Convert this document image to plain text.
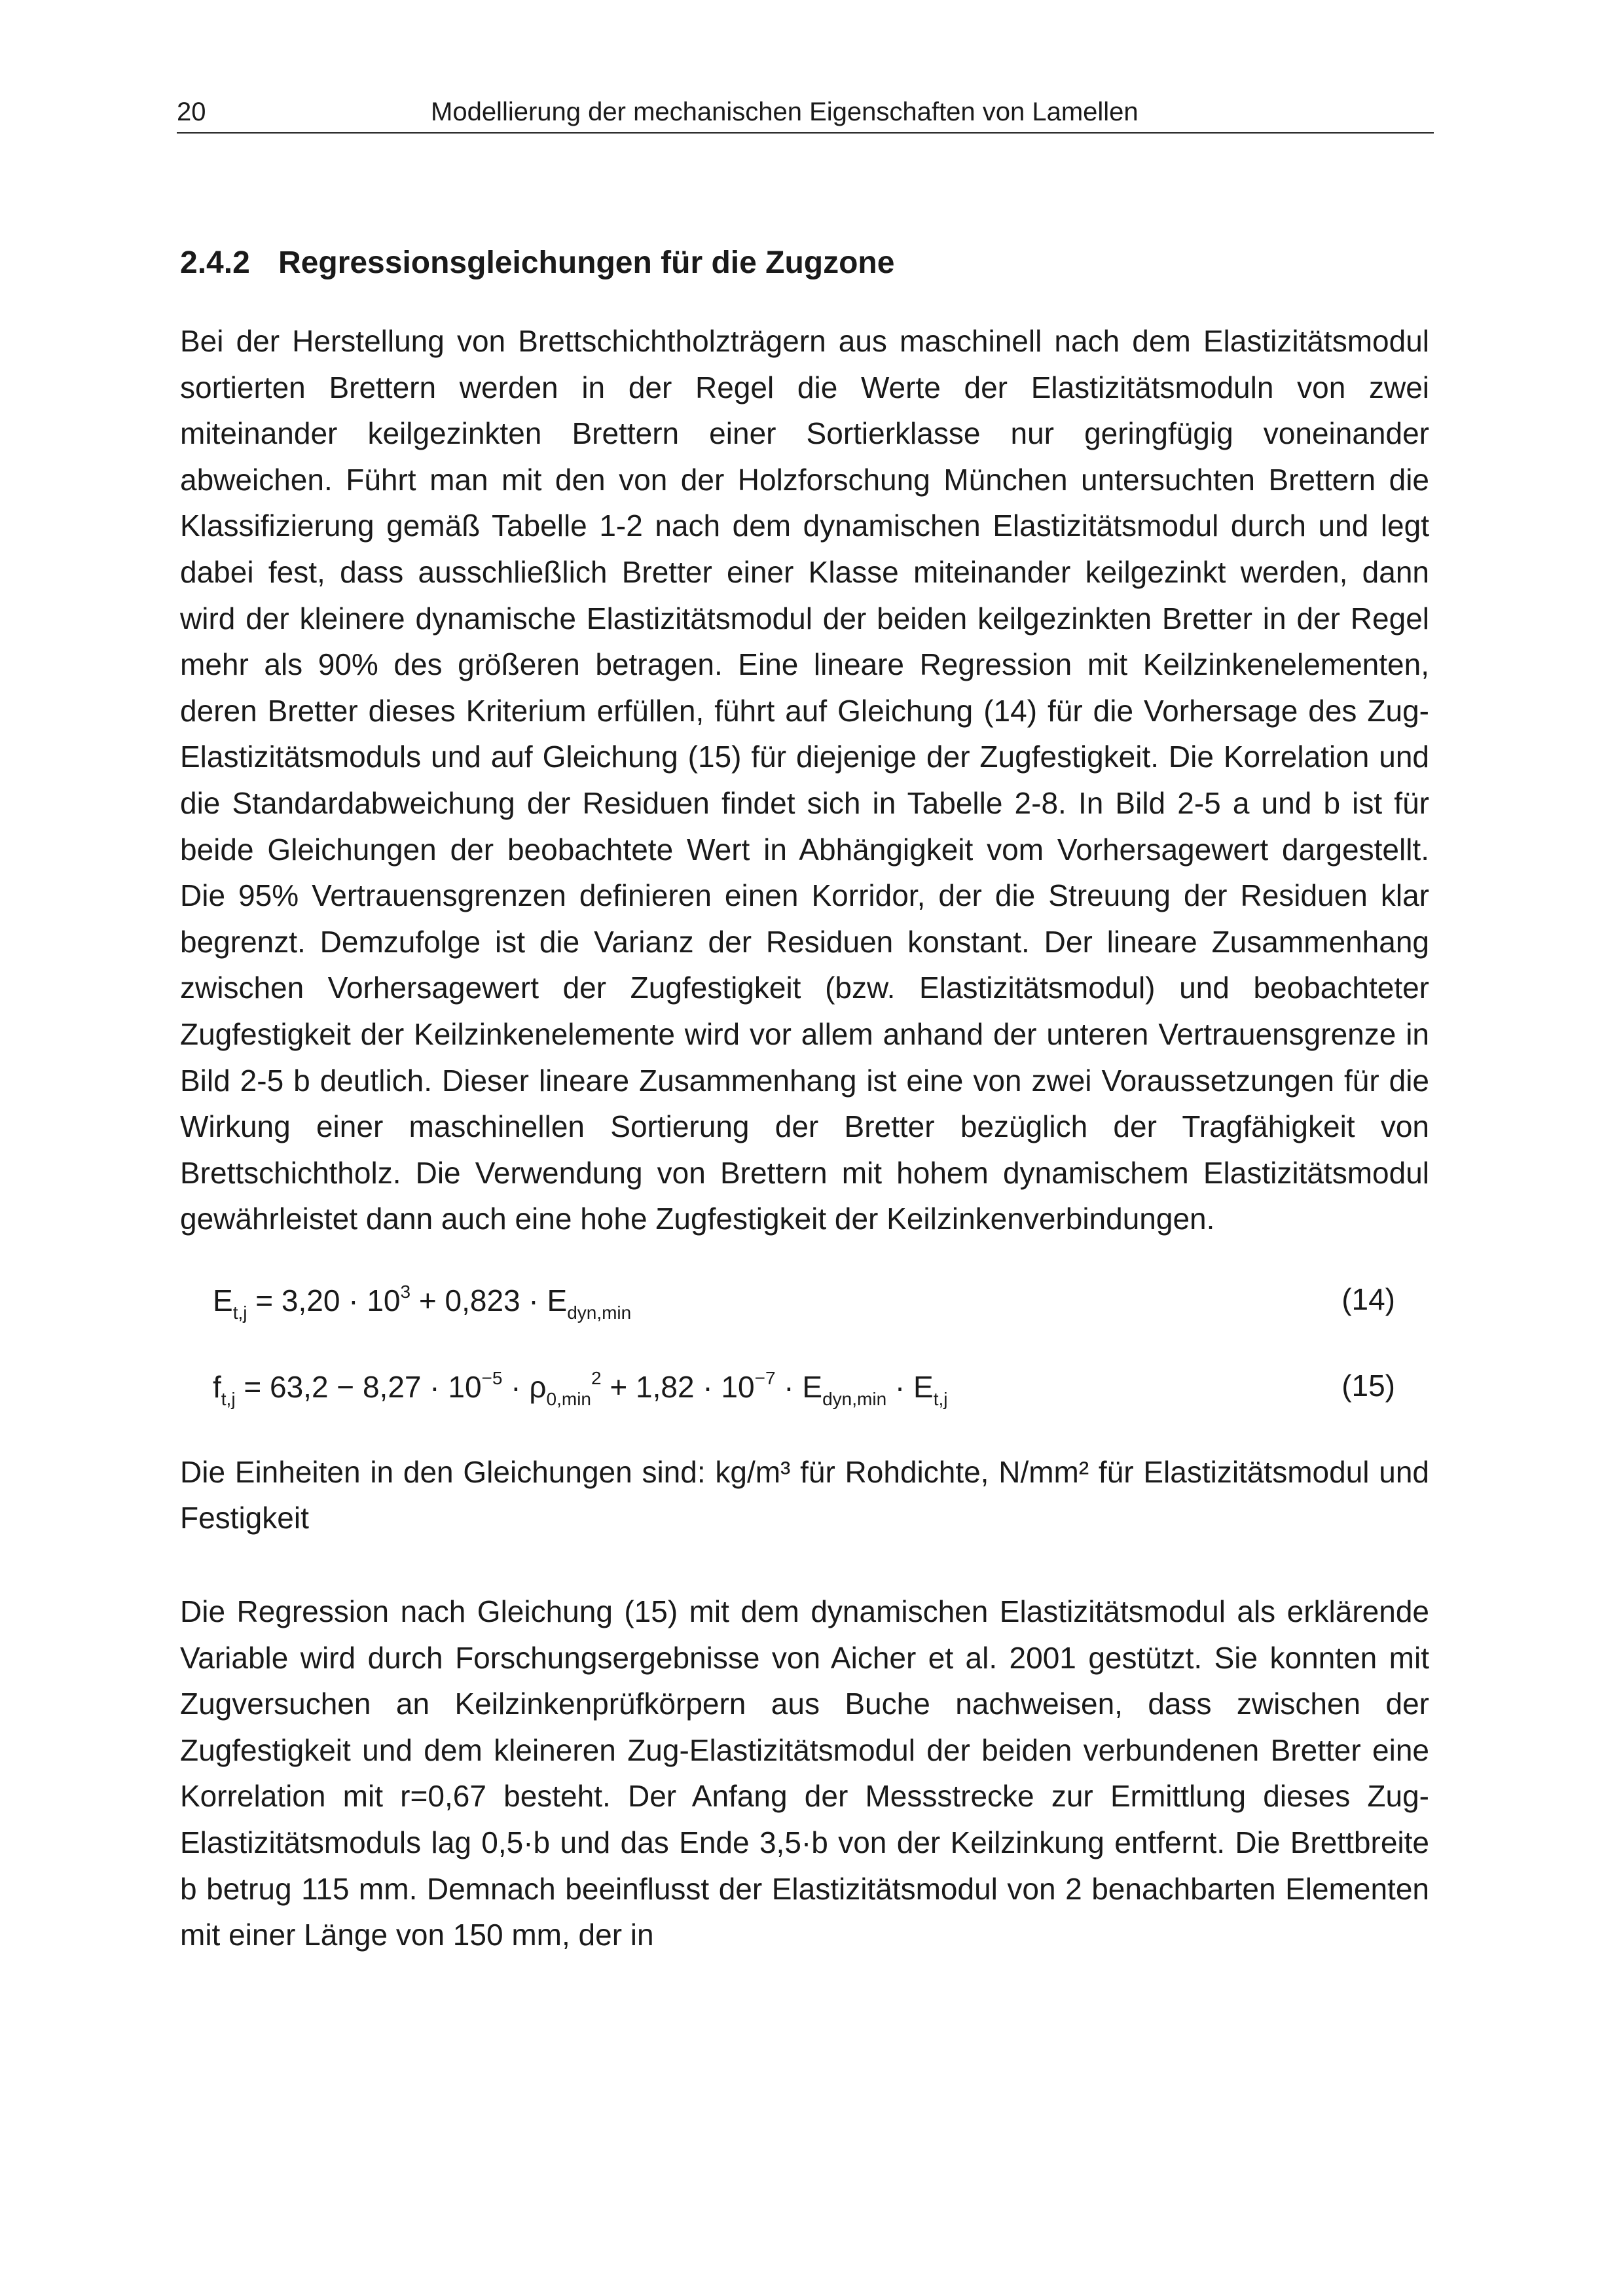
20	Modellierung der mechanischen Eigenschaften von Lamellen
2.4.2 Regressionsgleichungen für die Zugzone

Bei der Herstellung von Brettschichtholzträgern aus maschinell nach dem Elastizitätsmodul sortierten Brettern werden in der Regel die Werte der Elastizitätsmoduln von zwei miteinander keilgezinkten Brettern einer Sortierklasse nur geringfügig voneinander abweichen. Führt man mit den von der Holzforschung München untersuchten Brettern die Klassifizierung gemäß Tabelle 1-2 nach dem dynamischen Elastizitätsmodul durch und legt dabei fest, dass ausschließlich Bretter einer Klasse miteinander keilgezinkt werden, dann wird der kleinere dynamische Elastizitätsmodul der beiden keilgezinkten Bretter in der Regel mehr als 90% des größeren betragen. Eine lineare Regression mit Keilzinkenelementen, deren Bretter dieses Kriterium erfüllen, führt auf Gleichung (14) für die Vorhersage des Zug-Elastizitätsmoduls und auf Gleichung (15) für diejenige der Zugfestigkeit. Die Korrelation und die Standardabweichung der Residuen findet sich in Tabelle 2-8. In Bild 2-5 a und b ist für beide Gleichungen der beobachtete Wert in Abhängigkeit vom Vorhersagewert dargestellt. Die 95% Vertrauensgrenzen definieren einen Korridor, der die Streuung der Residuen klar begrenzt. Demzufolge ist die Varianz der Residuen konstant. Der lineare Zusammenhang zwischen Vorhersagewert der Zugfestigkeit (bzw. Elastizitätsmodul) und beobachteter Zugfestigkeit der Keilzinkenelemente wird vor allem anhand der unteren Vertrauensgrenze in Bild 2-5 b deutlich. Dieser lineare Zusammenhang ist eine von zwei Voraussetzungen für die Wirkung einer maschinellen Sortierung der Bretter bezüglich der Tragfähigkeit von Brettschichtholz. Die Verwendung von Brettern mit hohem dynamischem Elastizitätsmodul gewährleistet dann auch eine hohe Zugfestigkeit der Keilzinkenverbindungen.

$E_{t,j} = 3,20 \cdot 10^3 + 0,823 \cdot E_{dyn,min}$	(14)
$f_{t,j} = 63,2 - 8,27 \cdot 10^{-5} \cdot \rho_{0,min}^2 + 1,82 \cdot 10^{-7} \cdot E_{dyn,min} \cdot E_{t,j}$	(15)

Die Einheiten in den Gleichungen sind: kg/m³ für Rohdichte, N/mm² für Elastizitätsmodul und Festigkeit

Die Regression nach Gleichung (15) mit dem dynamischen Elastizitätsmodul als erklärende Variable wird durch Forschungsergebnisse von Aicher et al. 2001 gestützt. Sie konnten mit Zugversuchen an Keilzinkenprüfkörpern aus Buche nachweisen, dass zwischen der Zugfestigkeit und dem kleineren Zug-Elastizitätsmodul der beiden verbundenen Bretter eine Korrelation mit r=0,67 besteht. Der Anfang der Messstrecke zur Ermittlung dieses Zug-Elastizitätsmoduls lag 0,5·b und das Ende 3,5·b von der Keilzinkung entfernt. Die Brettbreite b betrug 115 mm. Demnach beeinflusst der Elastizitätsmodul von 2 benachbarten Elementen mit einer Länge von 150 mm, der in
